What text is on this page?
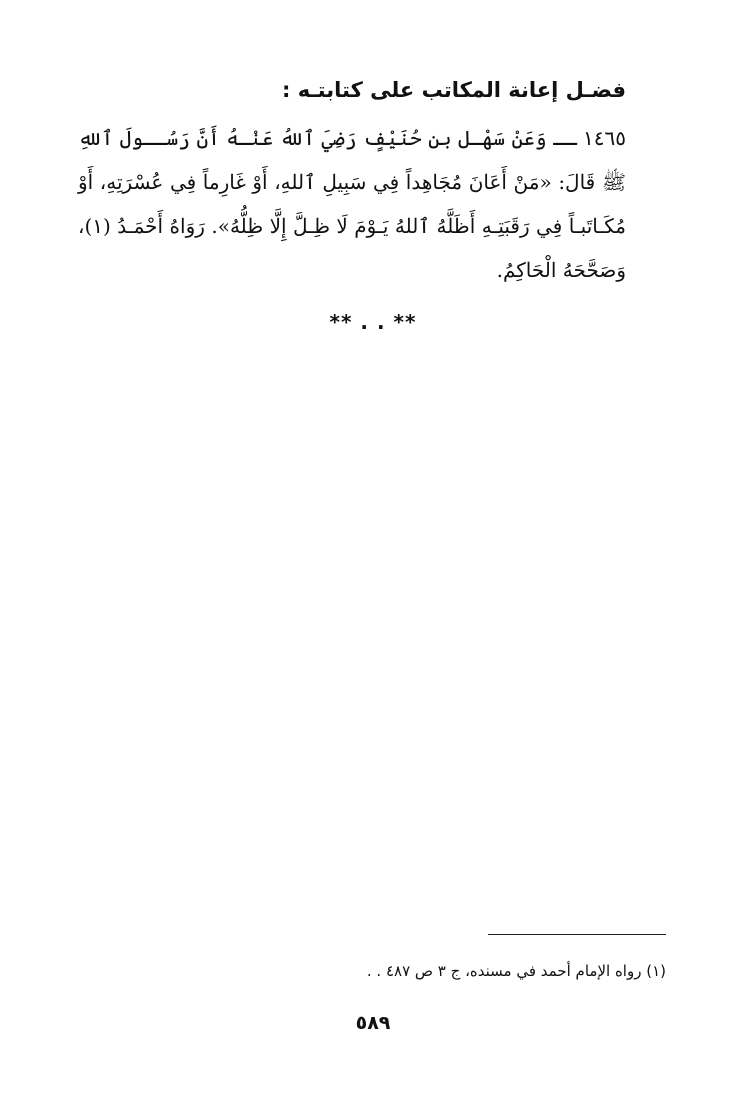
فضـل إعانة المكاتب على كتابتـه :
١٤٦٥ ــ وَعَنْ سَهْـل بن حُنَيْفٍ رَضِيَ ٱللهُ عَنْـهُ أَنَّ رَسُــولَ ٱللهِ
ﷺ قَالَ: «مَنْ أَعَانَ مُجَاهِداً فِي سَبِيلِ ٱللهِ، أَوْ غَارِماً فِي عُسْرَتِهِ، أَوْ
مُكَـاتَبـاً فِي رَقَبَتِـهِ أَظَلَّهُ ٱللهُ يَـوْمَ لَا ظِـلَّ إِلَّا ظِلُّهُ». رَوَاهُ أَحْمَـدُ (١)،
وَصَحَّحَهُ الْحَاكِمُ.
** . . **
(١) رواه الإمام أحمد في مسنده، ج ٣ ص ٤٨٧ . .
٥٨٩
